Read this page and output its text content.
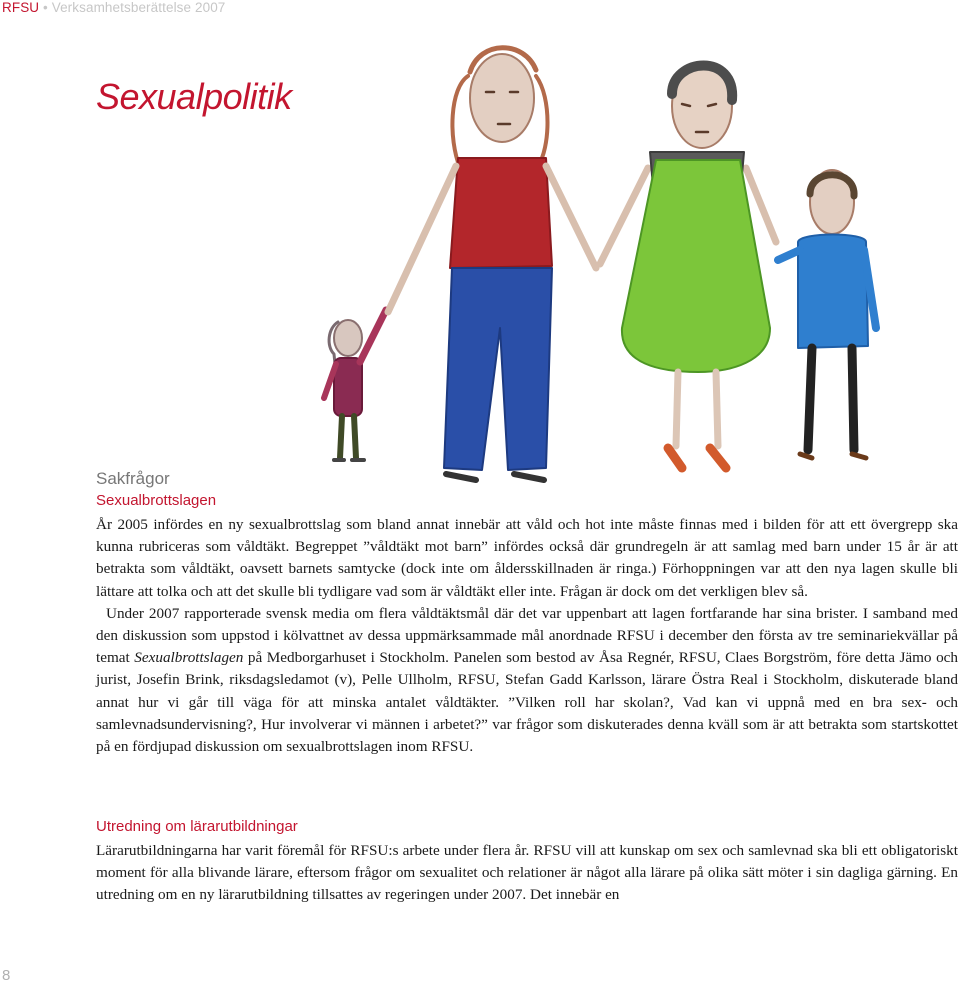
RFSU • Verksamhetsberättelse 2007
Sexualpolitik
Sakfrågor
Sexualbrottslagen

År 2005 infördes en ny sexualbrottslag som bland annat innebär att våld och hot inte måste finnas med i bilden för att ett övergrepp ska kunna rubriceras som våldtäkt. Begreppet ”våldtäkt mot barn” infördes också där grundregeln är att samlag med barn under 15 år är att betrakta som våldtäkt, oavsett barnets samtycke (dock inte om åldersskillnaden är ringa.) Förhoppningen var att den nya lagen skulle bli lättare att tolka och att det skulle bli tydligare vad som är våldtäkt eller inte. Frågan är dock om det verkligen blev så.

Under 2007 rapporterade svensk media om flera våldtäktsmål där det var uppenbart att lagen fortfarande har sina brister. I samband med den diskussion som uppstod i kölvattnet av dessa uppmärksammade mål anordnade RFSU i december den första av tre seminariekvällar på temat Sexualbrottslagen på Medborgarhuset i Stockholm. Panelen som bestod av Åsa Regnér, RFSU, Claes Borgström, före detta Jämo och jurist, Josefin Brink, riksdagsledamot (v), Pelle Ullholm, RFSU, Stefan Gadd Karlsson, lärare Östra Real i Stockholm, diskuterade bland annat hur vi går till väga för att minska antalet våldtäkter. ”Vilken roll har skolan?, Vad kan vi uppnå med en bra sex- och samlevnadsundervisning?, Hur involverar vi männen i arbetet?” var frågor som diskuterades denna kväll som är att betrakta som startskottet på en fördjupad diskussion om sexualbrottslagen inom RFSU.

Utredning om lärarutbildningar

Lärarutbildningarna har varit föremål för RFSU:s arbete under flera år. RFSU vill att kunskap om sex och samlevnad ska bli ett obligatoriskt moment för alla blivande lärare, eftersom frågor om sexualitet och relationer är något alla lärare på olika sätt möter i sin dagliga gärning. En utredning om en ny lärarutbildning tillsattes av regeringen under 2007. Det innebär en

8
